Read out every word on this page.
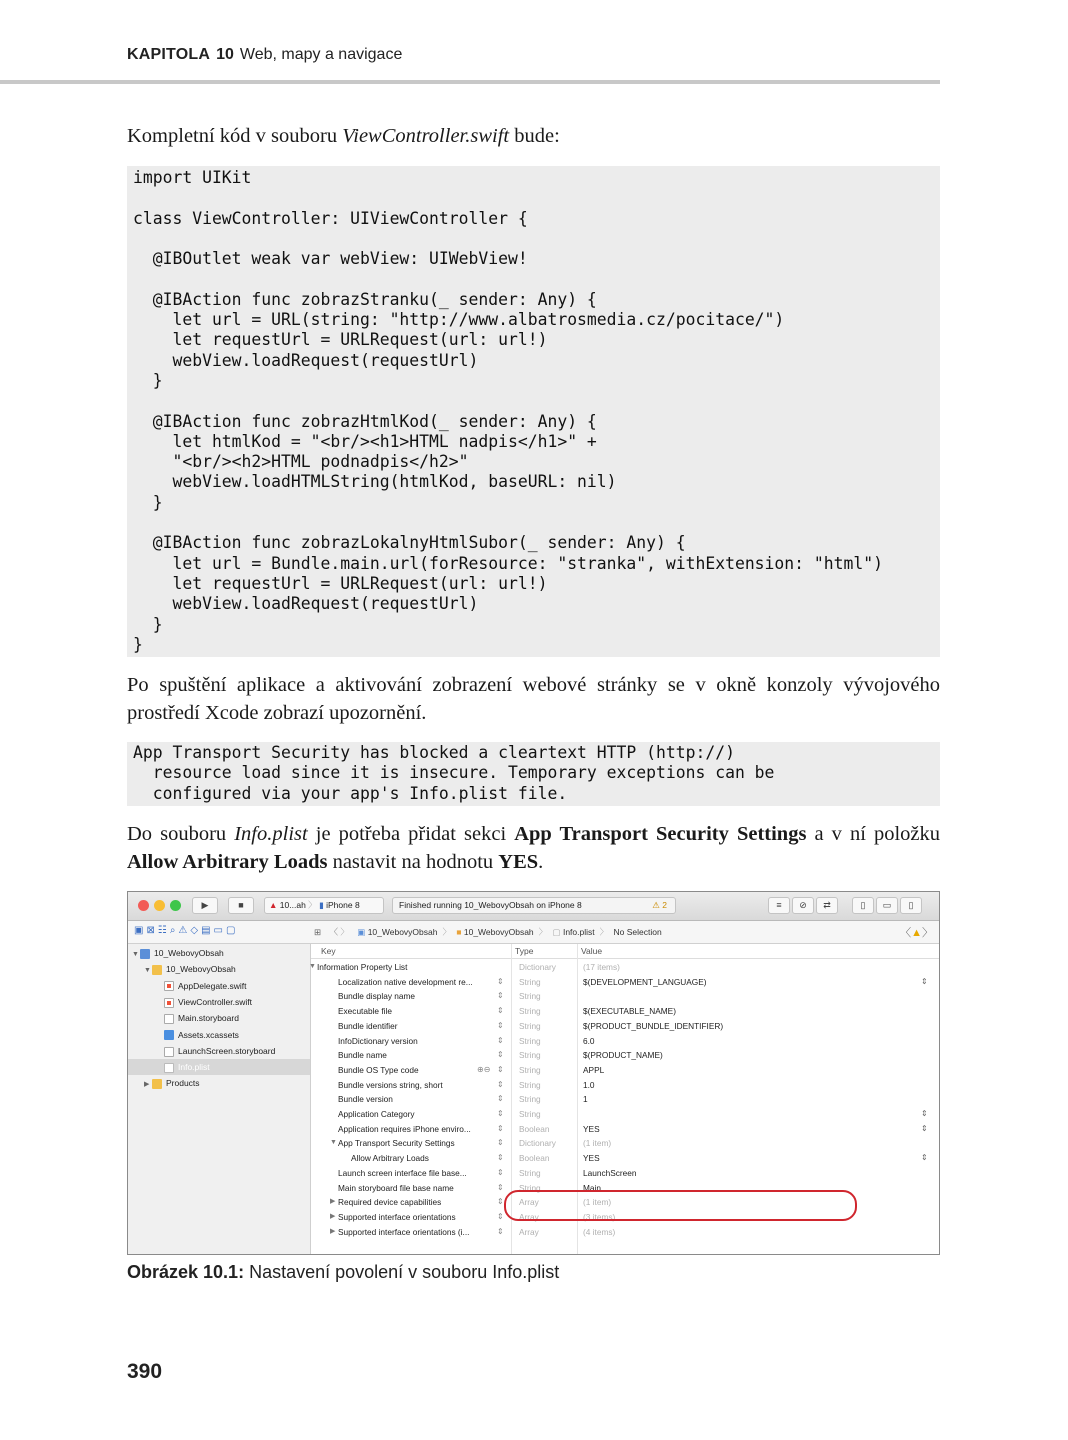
KAPITOLA 10 Web, mapy a navigace
Kompletní kód v souboru ViewController.swift bude:
import UIKit
class ViewController: UIViewController {
@IBOutlet weak var webView: UIWebView!
@IBAction func zobrazStranku(_ sender: Any) {
let url = URL(string: "http://www.albatrosmedia.cz/pocitace/")
let requestUrl = URLRequest(url: url!)
webView.loadRequest(requestUrl)
}
@IBAction func zobrazHtmlKod(_ sender: Any) {
let htmlKod = "<br/><h1>HTML nadpis</h1>" +
"<br/><h2>HTML podnadpis</h2>"
webView.loadHTMLString(htmlKod, baseURL: nil)
}
@IBAction func zobrazLokalnyHtmlSubor(_ sender: Any) {
let url = Bundle.main.url(forResource: "stranka", withExtension: "html")
let requestUrl = URLRequest(url: url!)
webView.loadRequest(requestUrl)
}
}
Po spuštění aplikace a aktivování zobrazení webové stránky se v okně konzoly vývojového prostředí Xcode zobrazí upozornění.
App Transport Security has blocked a cleartext HTTP (http://)
resource load since it is insecure. Temporary exceptions can be
configured via your app's Info.plist file.
Do souboru Info.plist je potřeba přidat sekci App Transport Security Settings a v ní položku Allow Arbitrary Loads nastavit na hodnotu YES.
▶	■	▲ 10...ah 〉 ▮ iPhone 8	Finished running 10_WebovyObsah on iPhone 8	⚠ 2	≡	⊘	⇄	▯	▭	▯
▣⊠☷⌕⚠◇▤▭▢	⊞ 〈 〉 ▣ 10_WebovyObsah 〉 ■ 10_WebovyObsah 〉 ▢ Info.plist 〉 No Selection	〈▲〉
▼ 10_WebovyObsah
▼ 10_WebovyObsah
AppDelegate.swift
ViewController.swift
Main.storyboard
Assets.xcassets
LaunchScreen.storyboard
Info.plist
▶ Products
Key	Type	Value
▼ Information Property List	Dictionary	(17 items)
Localization native development re...	⇕ String	$(DEVELOPMENT_LANGUAGE)	⇕
Bundle display name	⇕ String
Executable file	⇕ String	$(EXECUTABLE_NAME)
Bundle identifier	⇕ String	$(PRODUCT_BUNDLE_IDENTIFIER)
InfoDictionary version	⇕ String	6.0
Bundle name	⇕ String	$(PRODUCT_NAME)
Bundle OS Type code	⊕⊖ ⇕ String	APPL
Bundle versions string, short	⇕ String	1.0
Bundle version	⇕ String	1
Application Category	⇕ String	⇕
Application requires iPhone enviro...	⇕ Boolean	YES	⇕
▼ App Transport Security Settings	⇕ Dictionary	(1 item)
Allow Arbitrary Loads	⇕ Boolean	YES	⇕
Launch screen interface file base...	⇕ String	LaunchScreen
Main storyboard file base name	⇕ String	Main
▶ Required device capabilities	⇕ Array	(1 item)
▶ Supported interface orientations	⇕ Array	(3 items)
▶ Supported interface orientations (i...	⇕ Array	(4 items)
Obrázek 10.1: Nastavení povolení v souboru Info.plist
390
